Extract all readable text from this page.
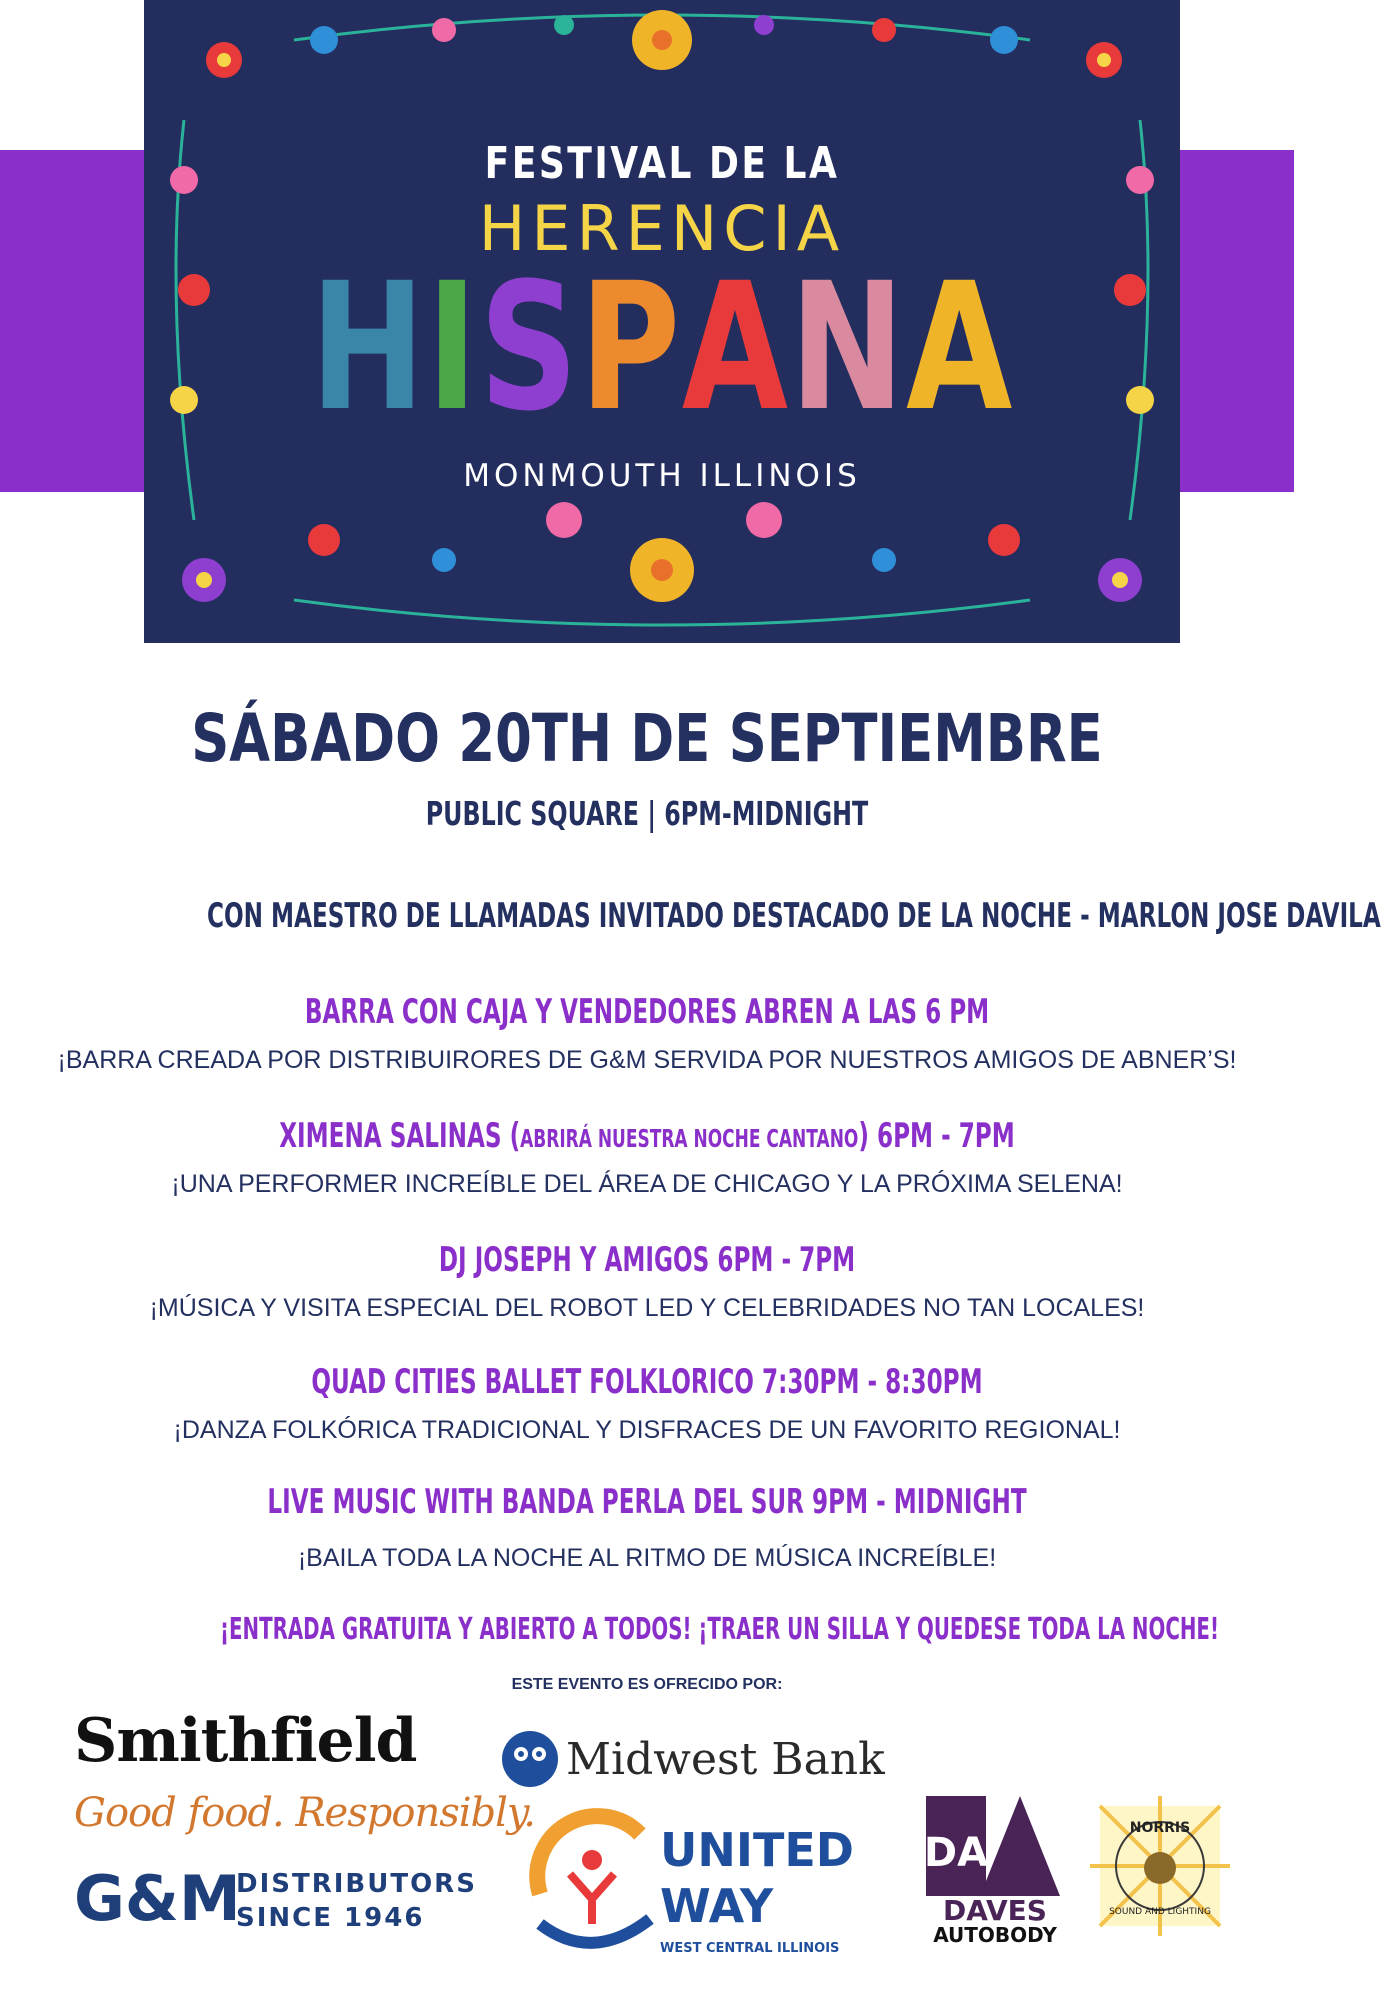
FESTIVAL DE LA
HERENCIA
HISPANA
MONMOUTH ILLINOIS
SÁBADO 20TH DE SEPTIEMBRE
PUBLIC SQUARE | 6PM-MIDNIGHT
CON MAESTRO DE LLAMADAS INVITADO DESTACADO DE LA NOCHE - MARLON JOSE DAVILA
BARRA CON CAJA Y VENDEDORES ABREN A LAS 6 PM
¡BARRA CREADA POR DISTRIBUIRORES DE G&M SERVIDA POR NUESTROS AMIGOS DE ABNER’S!
XIMENA SALINAS (ABRIRÁ NUESTRA NOCHE CANTANO) 6PM - 7PM
¡UNA PERFORMER INCREÍBLE DEL ÁREA DE CHICAGO Y LA PRÓXIMA SELENA!
DJ JOSEPH Y AMIGOS 6PM - 7PM
¡MÚSICA Y VISITA ESPECIAL DEL ROBOT LED Y CELEBRIDADES NO TAN LOCALES!
QUAD CITIES BALLET FOLKLORICO 7:30PM - 8:30PM
¡DANZA FOLKÓRICA TRADICIONAL Y DISFRACES DE UN FAVORITO REGIONAL!
LIVE MUSIC WITH BANDA PERLA DEL SUR 9PM - MIDNIGHT
¡BAILA TODA LA NOCHE AL RITMO DE MÚSICA INCREÍBLE!
¡ENTRADA GRATUITA Y ABIERTO A TODOS! ¡TRAER UN SILLA Y QUEDESE TODA LA NOCHE!
ESTE EVENTO ES OFRECIDO POR:
Smithfield
Good food. Responsibly.
G&M
DISTRIBUTORS
SINCE 1946
Midwest Bank
UNITED
WAY
WEST CENTRAL ILLINOIS
DA
DAVES
AUTOBODY
NORRIS
SOUND AND LIGHTING
